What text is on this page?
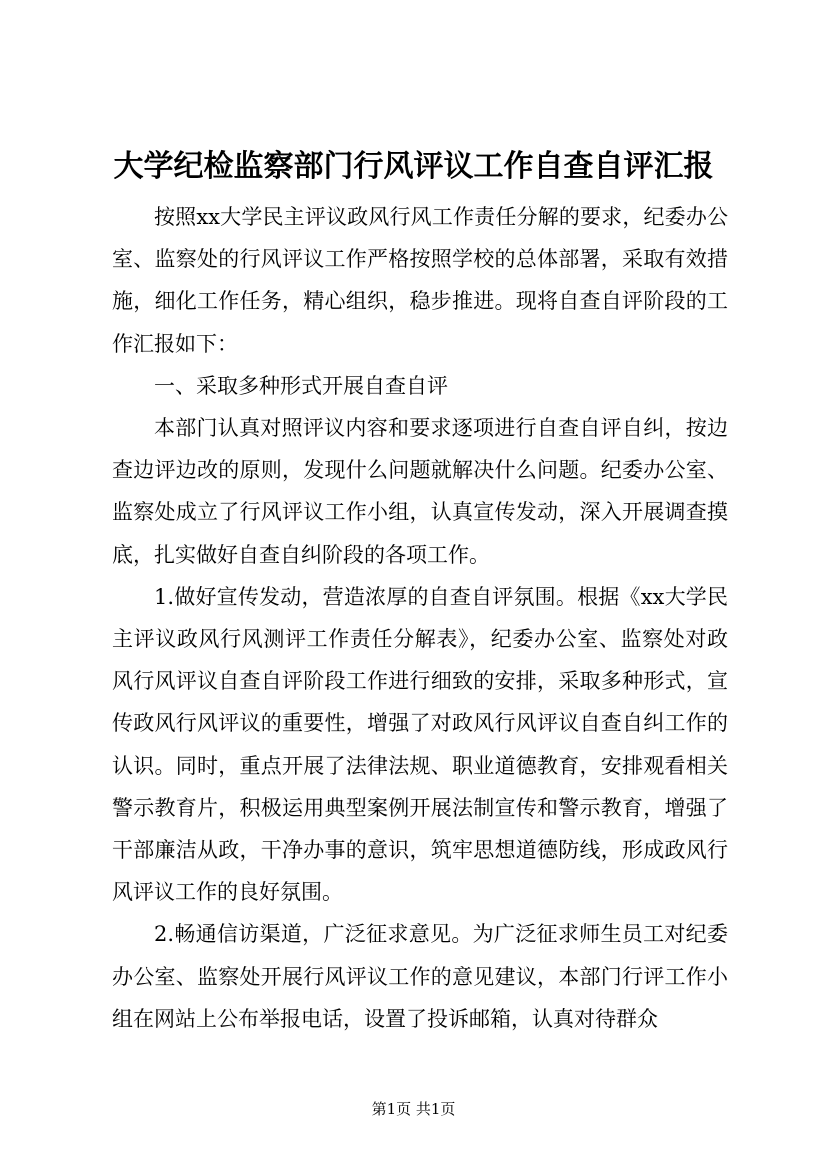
大学纪检监察部门行风评议工作自查自评汇报

按照xx大学民主评议政风行风工作责任分解的要求，纪委办公室、监察处的行风评议工作严格按照学校的总体部署，采取有效措施，细化工作任务，精心组织，稳步推进。现将自查自评阶段的工作汇报如下：

一、采取多种形式开展自查自评

本部门认真对照评议内容和要求逐项进行自查自评自纠，按边查边评边改的原则，发现什么问题就解决什么问题。纪委办公室、监察处成立了行风评议工作小组，认真宣传发动，深入开展调查摸底，扎实做好自查自纠阶段的各项工作。

1.做好宣传发动，营造浓厚的自查自评氛围。根据《xx大学民主评议政风行风测评工作责任分解表》，纪委办公室、监察处对政风行风评议自查自评阶段工作进行细致的安排，采取多种形式，宣传政风行风评议的重要性，增强了对政风行风评议自查自纠工作的认识。同时，重点开展了法律法规、职业道德教育，安排观看相关警示教育片，积极运用典型案例开展法制宣传和警示教育，增强了干部廉洁从政，干净办事的意识，筑牢思想道德防线，形成政风行风评议工作的良好氛围。

2.畅通信访渠道，广泛征求意见。为广泛征求师生员工对纪委办公室、监察处开展行风评议工作的意见建议，本部门行评工作小组在网站上公布举报电话，设置了投诉邮箱，认真对待群众

第1页 共1页
